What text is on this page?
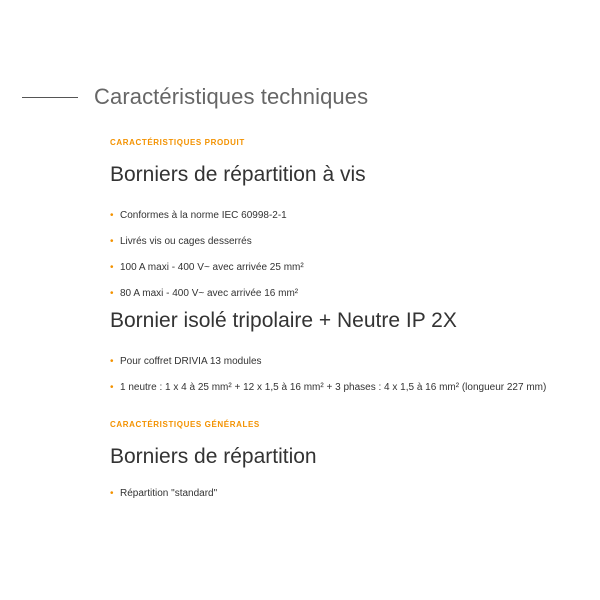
Caractéristiques techniques
CARACTÉRISTIQUES PRODUIT
Borniers de répartition à vis
• Conformes à la norme IEC 60998-2-1
• Livrés vis ou cages desserrés
• 100 A maxi - 400 V~ avec arrivée 25 mm²
• 80 A maxi - 400 V~ avec arrivée 16 mm²
Bornier isolé tripolaire + Neutre IP 2X
• Pour coffret DRIVIA 13 modules
• 1 neutre : 1 x 4 à 25 mm² + 12 x 1,5 à 16 mm² + 3 phases : 4 x 1,5 à 16 mm² (longueur 227 mm)
CARACTÉRISTIQUES GÉNÉRALES
Borniers de répartition
• Répartition "standard"
